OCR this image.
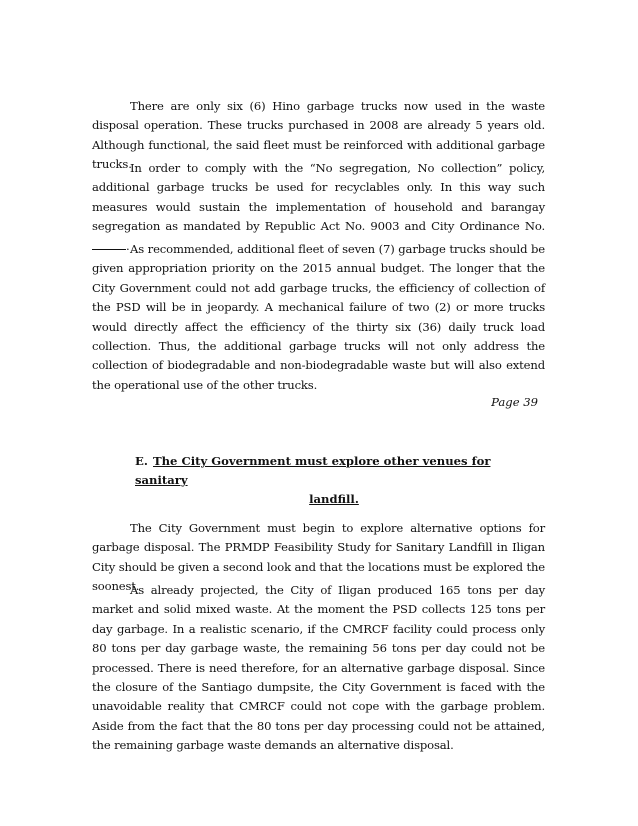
There are only six (6) Hino garbage trucks now used in the waste disposal operation. These trucks purchased in 2008 are already 5 years old. Although functional, the said fleet must be reinforced with additional garbage trucks.

In order to comply with the “No segregation, No collection” policy, additional garbage trucks be used for recyclables only. In this way such measures would sustain the implementation of household and barangay segregation as mandated by Republic Act No. 9003 and City Ordinance No. . As recommended, additional fleet of seven (7) garbage trucks should be given appropriation priority on the 2015 annual budget. The longer that the City Government could not add garbage trucks, the efficiency of collection of the PSD will be in jeopardy. A mechanical failure of two (2) or more trucks would directly affect the efficiency of the thirty six (36) daily truck load collection. Thus, the additional garbage trucks will not only address the collection of biodegradable and non-biodegradable waste but will also extend the operational use of the other trucks.

Page 39

E. The City Government must explore other venues for sanitary
landfill.

The City Government must begin to explore alternative options for garbage disposal. The PRMDP Feasibility Study for Sanitary Landfill in Iligan City should be given a second look and that the locations must be explored the soonest.

As already projected, the City of Iligan produced 165 tons per day market and solid mixed waste. At the moment the PSD collects 125 tons per day garbage. In a realistic scenario, if the CMRCF facility could process only 80 tons per day garbage waste, the remaining 56 tons per day could not be processed. There is need therefore, for an alternative garbage disposal. Since the closure of the Santiago dumpsite, the City Government is faced with the unavoidable reality that CMRCF could not cope with the garbage problem. Aside from the fact that the 80 tons per day processing could not be attained, the remaining garbage waste demands an alternative disposal.
